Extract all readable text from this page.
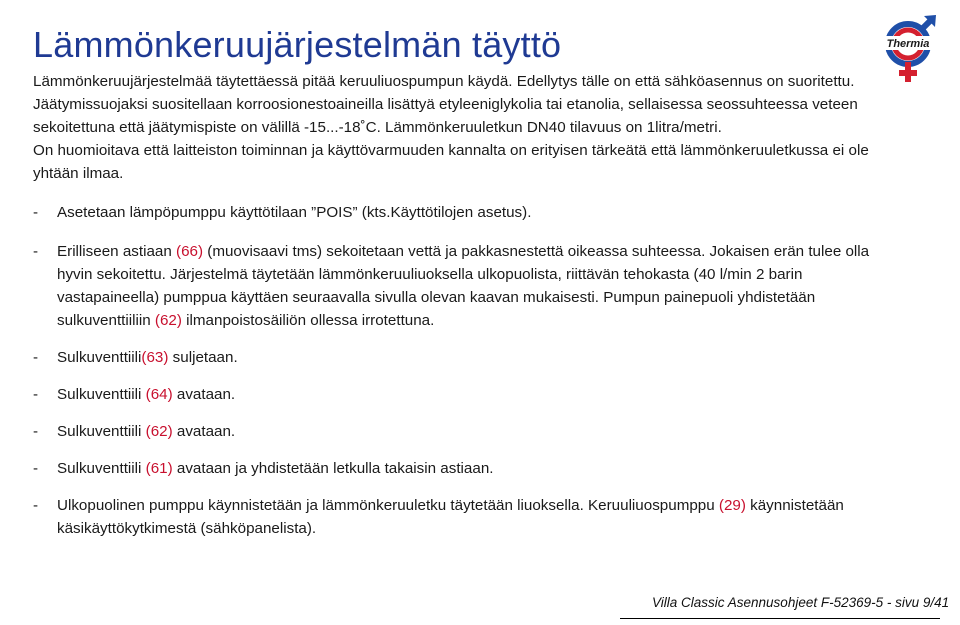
Lämmönkeruujärjestelmän täyttö	Thermia

Lämmönkeruujärjestelmää täytettäessä pitää keruuliuospumpun käydä. Edellytys tälle on että sähköasennus on suoritettu.

Jäätymissuojaksi suositellaan korroosionestoaineilla lisättyä etyleeniglykolia tai etanolia, sellaisessa seossuhteessa veteen sekoitettuna että jäätymispiste on välillä -15...-18˚C. Lämmönkeruuletkun DN40 tilavuus on 1litra/metri.

On huomioitava että laitteiston toiminnan ja käyttövarmuuden kannalta on erityisen tärkeätä että lämmönkeruuletkussa ei ole yhtään ilmaa.

-	Asetetaan lämpöpumppu käyttötilaan ”POIS” (kts.Käyttötilojen asetus).
-	Erilliseen astiaan (66) (muovisaavi tms) sekoitetaan vettä ja pakkasnestettä oikeassa suhteessa. Jokaisen erän tulee olla hyvin sekoitettu. Järjestelmä täytetään lämmönkeruuliuoksella ulkopuolista, riittävän tehokasta (40 l/min 2 barin vastapaineella) pumppua käyttäen seuraavalla sivulla olevan kaavan mukaisesti. Pumpun painepuoli yhdistetään sulkuventtiiliin (62) ilmanpoistosäiliön ollessa irrotettuna.
-	Sulkuventtiili(63) suljetaan.
-	Sulkuventtiili (64) avataan.
-	Sulkuventtiili (62) avataan.
-	Sulkuventtiili (61) avataan ja yhdistetään letkulla takaisin astiaan.
-	Ulkopuolinen pumppu käynnistetään ja lämmönkeruuletku täytetään liuoksella. Keruuliuospumppu (29) käynnistetään käsikäyttökytkimestä (sähköpanelista).
Villa Classic Asennusohjeet F-52369-5 - sivu 9/41
